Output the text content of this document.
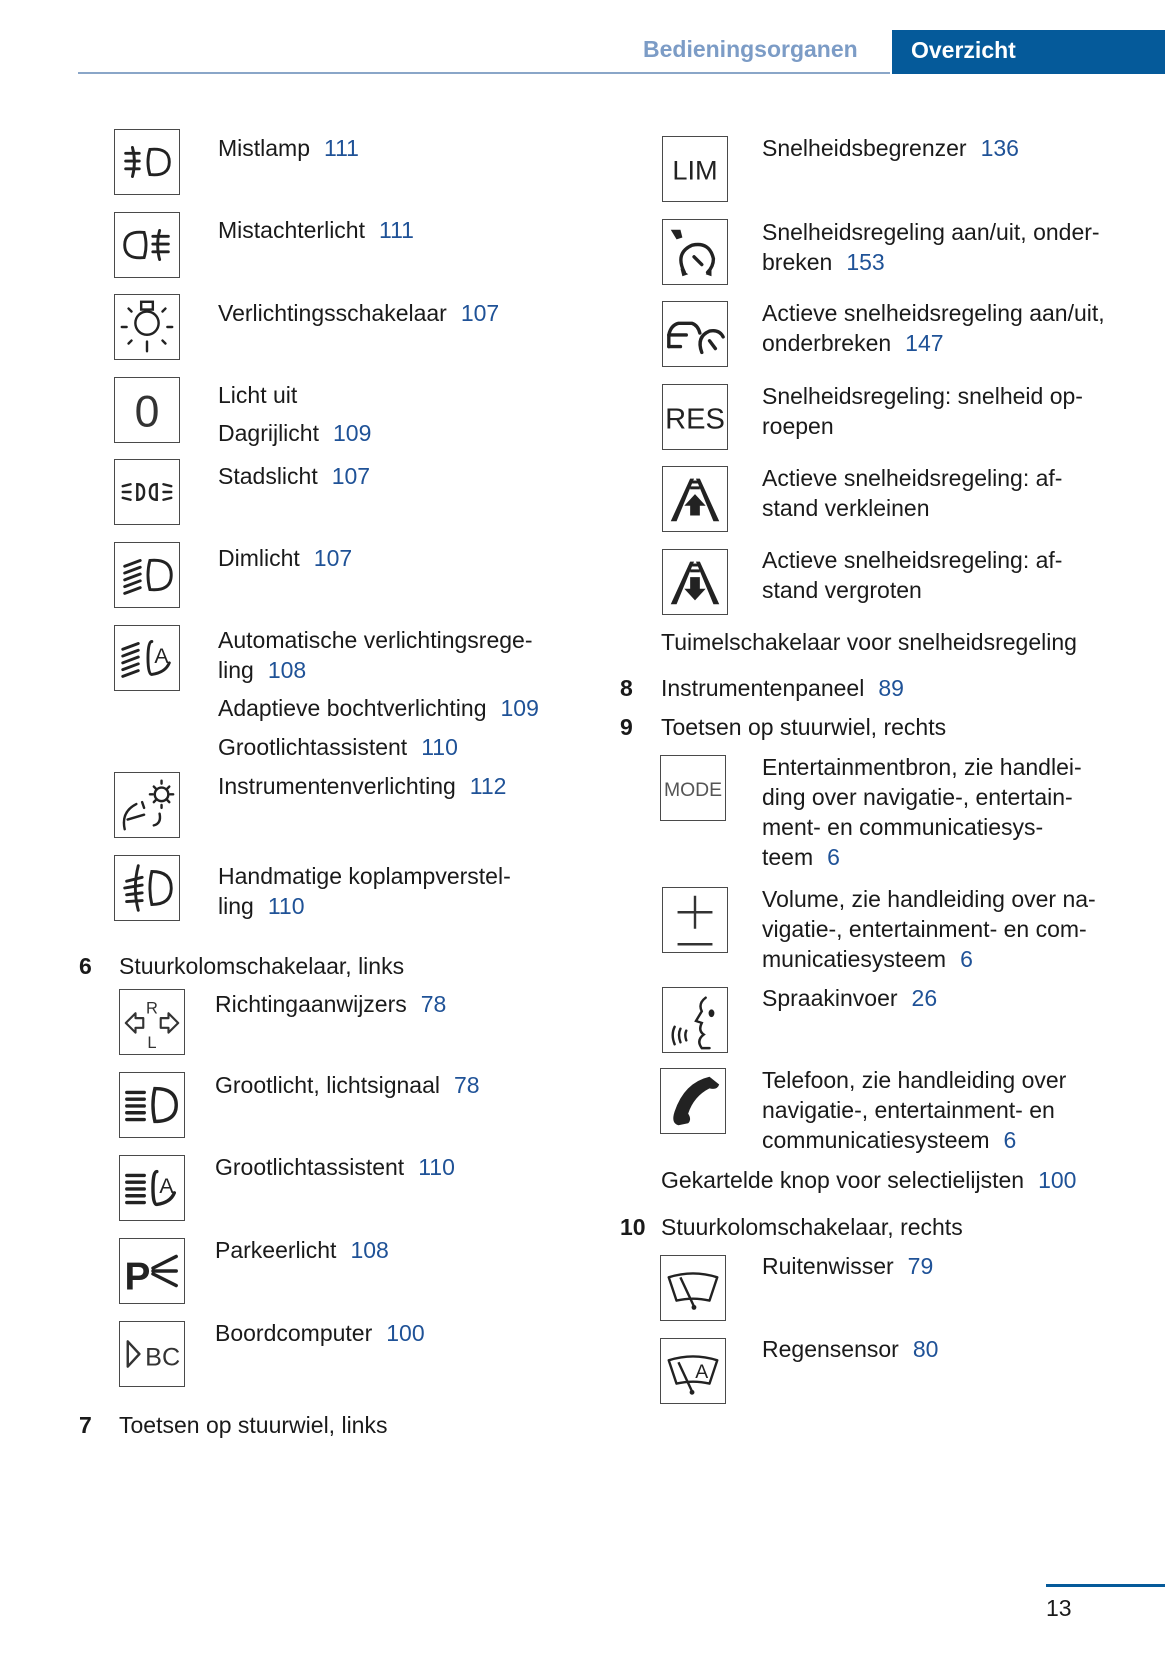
Bedieningsorganen Overzicht
Mistlamp 111
Mistachterlicht 111
Verlichtingsschakelaar 107
0	Licht uit
Dagrijlicht 109
Stadslicht 107
Dimlicht 107
A
Automatische verlichtingsrege-
ling 108
Adaptieve bochtverlichting 109
Grootlichtassistent 110
Instrumentenverlichting 112
Handmatige koplampverstel-
ling 110
6 Stuurkolomschakelaar, links
R
L
Richtingaanwijzers 78
Grootlicht, lichtsignaal 78
A
Grootlichtassistent 110
P
Parkeerlicht 108
BC
Boordcomputer 100
7 Toetsen op stuurwiel, links
LIM
Snelheidsbegrenzer 136
Snelheidsregeling aan/uit, onder-
breken 153
Actieve snelheidsregeling aan/uit,
onderbreken 147
RES
Snelheidsregeling: snelheid op-
roepen
Actieve snelheidsregeling: af-
stand verkleinen
Actieve snelheidsregeling: af-
stand vergroten
Tuimelschakelaar voor snelheidsregeling
8 Instrumentenpaneel 89
9 Toetsen op stuurwiel, rechts
MODE
Entertainmentbron, zie handlei-
ding over navigatie-, entertain-
ment- en communicatiesys-
teem 6
Volume, zie handleiding over na-
vigatie-, entertainment- en com-
municatiesysteem 6
Spraakinvoer 26
Telefoon, zie handleiding over
navigatie-, entertainment- en
communicatiesysteem 6
Gekartelde knop voor selectielijsten 100
10 Stuurkolomschakelaar, rechts
Ruitenwisser 79
A
Regensensor 80
13
